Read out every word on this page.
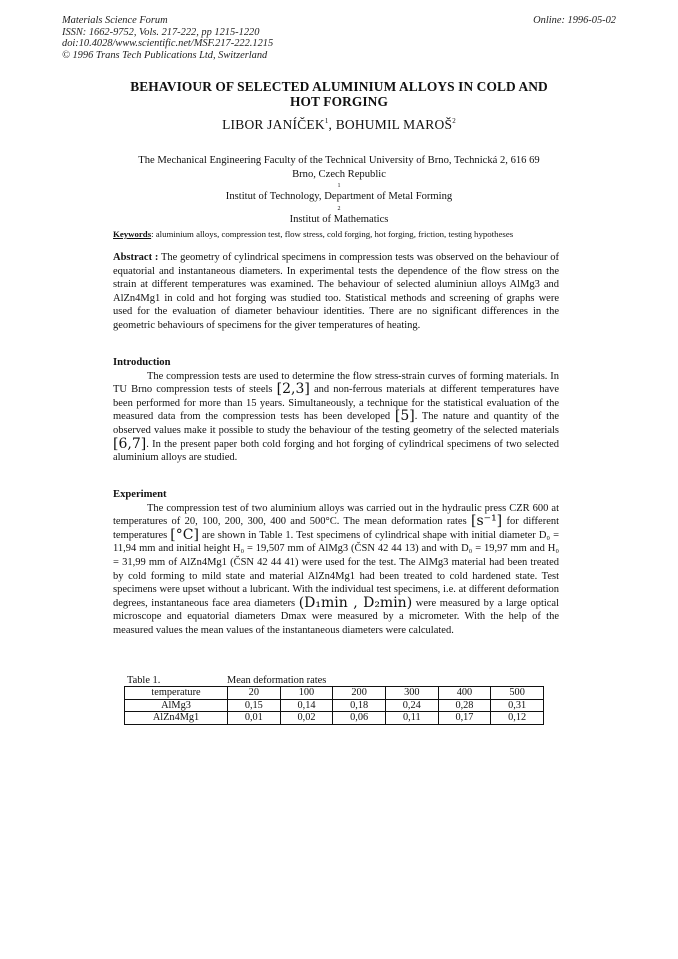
Materials Science Forum
ISSN: 1662-9752, Vols. 217-222, pp 1215-1220
doi:10.4028/www.scientific.net/MSF.217-222.1215
© 1996 Trans Tech Publications Ltd, Switzerland
Online: 1996-05-02
BEHAVIOUR OF SELECTED ALUMINIUM ALLOYS IN COLD AND
HOT FORGING
LIBOR JANÍČEK$^1$, BOHUMIL MAROŠ$^2$
The Mechanical Engineering Faculty of the Technical University of Brno, Technická 2, 616 69
Brno, Czech Republic
1
Institut of Technology, Department of Metal Forming
2
Institut of Mathematics
Keywords: aluminium alloys, compression test, flow stress, cold forging, hot forging, friction, testing hypotheses
Abstract : The geometry of cylindrical specimens in compression tests was observed on the behaviour of equatorial and instantaneous diameters. In experimental tests the dependence of the flow stress on the strain at different temperatures was examined. The behaviour of selected aluminiun alloys AlMg3 and AlZn4Mg1 in cold and hot forging was studied too. Statistical methods and screening of graphs were used for the evaluation of diameter behaviour identities. There are no significant differences in the geometric behaviours of specimens for the giver temperatures of heating.
Introduction
The compression tests are used to determine the flow stress-strain curves of forming materials. In TU Brno compression tests of steels [2,3] and non-ferrous materials at different temperatures have been performed for more than 15 years. Simultaneously, a technique for the statistical evaluation of the measured data from the compression tests has been developed [5]. The nature and quantity of the observed values make it possible to study the behaviour of the testing geometry of the selected materials [6,7]. In the present paper both cold forging and hot forging of cylindrical specimens of two selected aluminium alloys are studied.
Experiment
The compression test of two aluminium alloys was carried out in the hydraulic press CZR 600 at temperatures of 20, 100, 200, 300, 400 and 500°C. The mean deformation rates [s⁻¹] for different temperatures [°C] are shown in Table 1. Test specimens of cylindrical shape with initial diameter D₀ = 11,94 mm and initial height H₀ = 19,507 mm of AlMg3 (ČSN 42 44 13) and with D₀ = 19,97 mm and H₀ = 31,99 mm of AlZn4Mg1 (ČSN 42 44 41) were used for the test. The AlMg3 material had been treated by cold forming to mild state and material AlZn4Mg1 had been treated to cold hardened state. Test specimens were upset without a lubricant. With the individual test specimens, i.e. at different deformation degrees, instantaneous face area diameters (D₁min , D₂min) were measured by a large optical microscope and equatorial diameters Dmax were measured by a micrometer. With the help of the measured values the mean values of the instantaneous diameters were calculated.
Table 1.	Mean deformation rates
temperature	20	100	200	300	400	500
AlMg3	0,15	0,14	0,18	0,24	0,28	0,31
AlZn4Mg1	0,01	0,02	0,06	0,11	0,17	0,12
